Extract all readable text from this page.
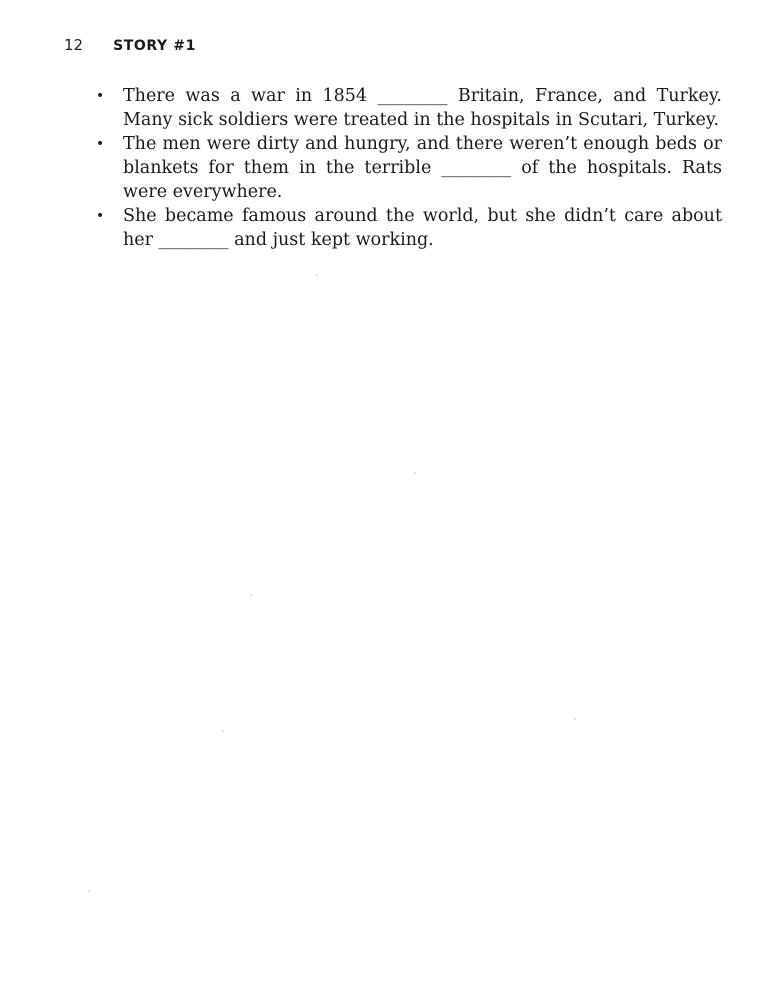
12 STORY #1
• There was a war in 1854 ________ Britain, France, and Turkey. Many sick soldiers were treated in the hospitals in Scutari, Turkey.
• The men were dirty and hungry, and there weren’t enough beds or blankets for them in the terrible ________ of the hospitals. Rats were everywhere.
• She became famous around the world, but she didn’t care about her ________ and just kept working.
